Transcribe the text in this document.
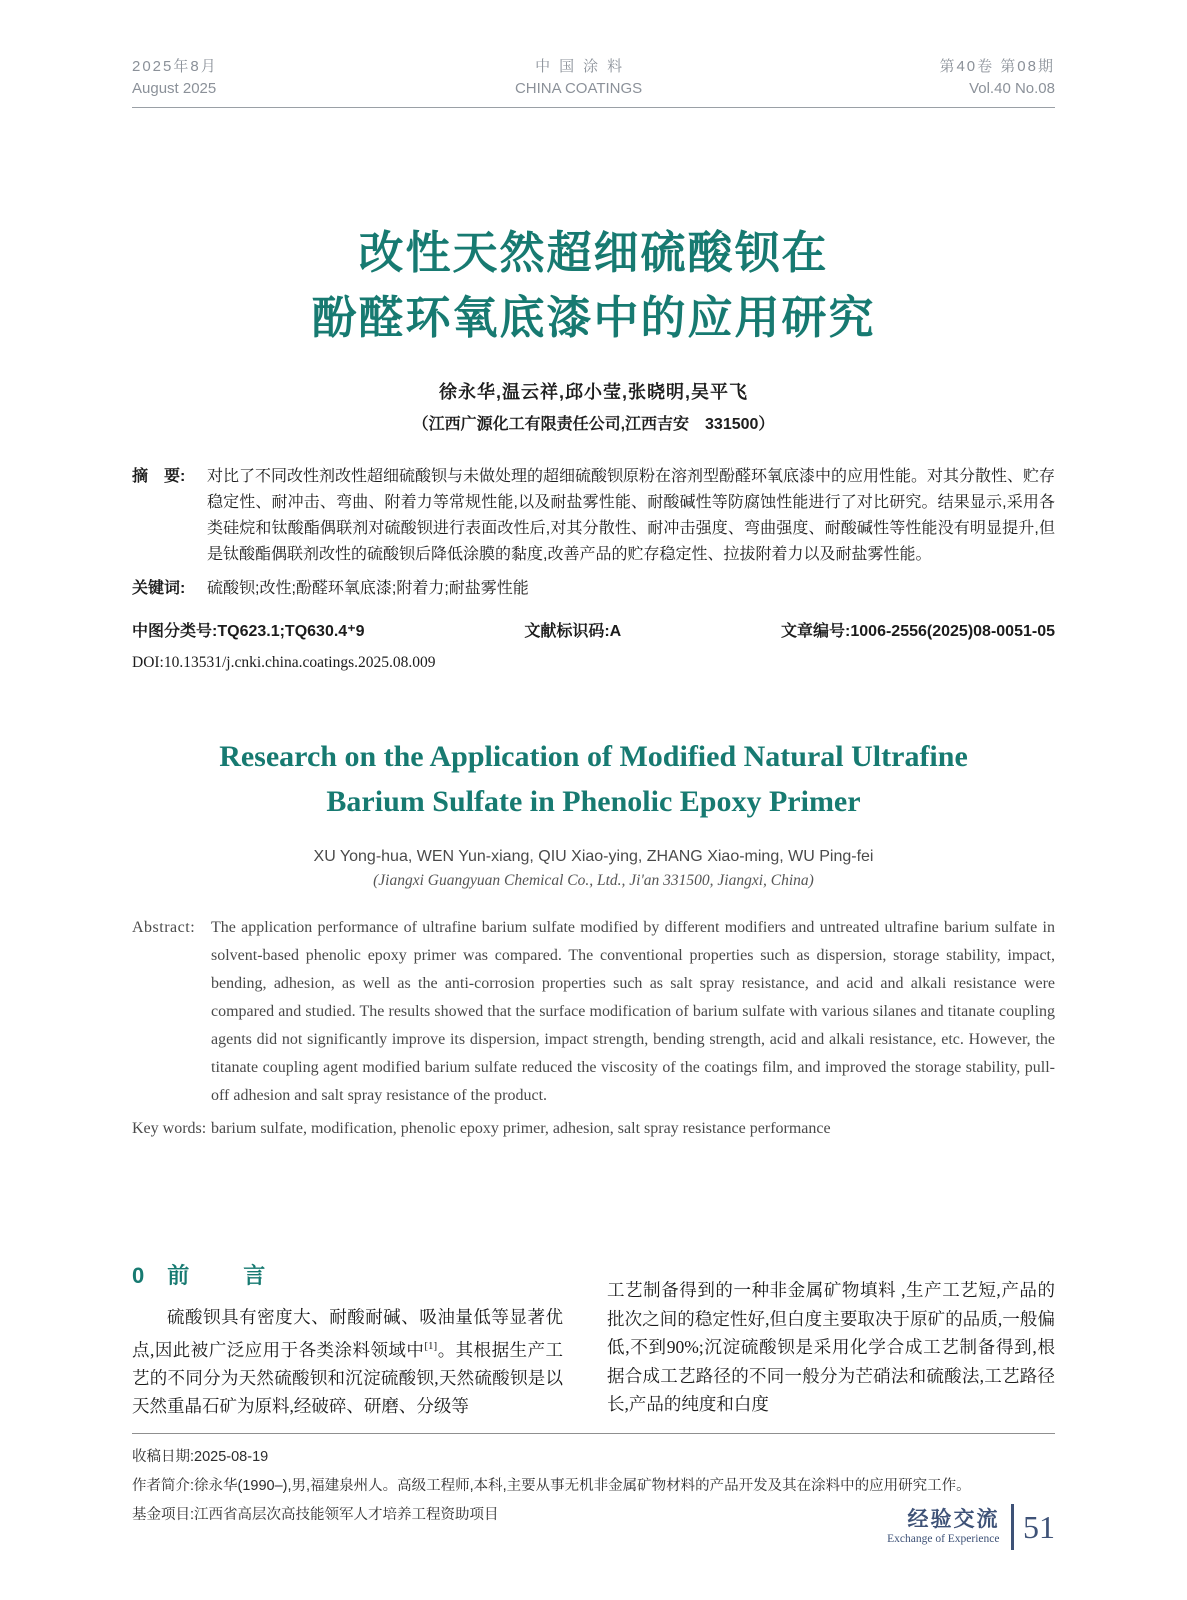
2025年8月
August 2025
中国涂料
CHINA COATINGS
第40卷 第08期
Vol.40 No.08
改性天然超细硫酸钡在
酚醛环氧底漆中的应用研究
徐永华,温云祥,邱小莹,张晓明,吴平飞
（江西广源化工有限责任公司,江西吉安　331500）
摘　要: 对比了不同改性剂改性超细硫酸钡与未做处理的超细硫酸钡原粉在溶剂型酚醛环氧底漆中的应用性能。对其分散性、贮存稳定性、耐冲击、弯曲、附着力等常规性能,以及耐盐雾性能、耐酸碱性等防腐蚀性能进行了对比研究。结果显示,采用各类硅烷和钛酸酯偶联剂对硫酸钡进行表面改性后,对其分散性、耐冲击强度、弯曲强度、耐酸碱性等性能没有明显提升,但是钛酸酯偶联剂改性的硫酸钡后降低涂膜的黏度,改善产品的贮存稳定性、拉拔附着力以及耐盐雾性能。
关键词: 硫酸钡;改性;酚醛环氧底漆;附着力;耐盐雾性能
中图分类号:TQ623.1;TQ630.4⁺9	文献标识码:A	文章编号:1006-2556(2025)08-0051-05
DOI:10.13531/j.cnki.china.coatings.2025.08.009
Research on the Application of Modified Natural Ultrafine
Barium Sulfate in Phenolic Epoxy Primer
XU Yong-hua, WEN Yun-xiang, QIU Xiao-ying, ZHANG Xiao-ming, WU Ping-fei
(Jiangxi Guangyuan Chemical Co., Ltd., Ji'an 331500, Jiangxi, China)
Abstract: The application performance of ultrafine barium sulfate modified by different modifiers and untreated ultrafine barium sulfate in solvent-based phenolic epoxy primer was compared. The conventional properties such as dispersion, storage stability, impact, bending, adhesion, as well as the anti-corrosion properties such as salt spray resistance, and acid and alkali resistance were compared and studied. The results showed that the surface modification of barium sulfate with various silanes and titanate coupling agents did not significantly improve its dispersion, impact strength, bending strength, acid and alkali resistance, etc. However, the titanate coupling agent modified barium sulfate reduced the viscosity of the coatings film, and improved the storage stability, pull-off adhesion and salt spray resistance of the product.
Key words: barium sulfate, modification, phenolic epoxy primer, adhesion, salt spray resistance performance
0 前　言
硫酸钡具有密度大、耐酸耐碱、吸油量低等显著优点,因此被广泛应用于各类涂料领域中[1]。其根据生产工艺的不同分为天然硫酸钡和沉淀硫酸钡,天然硫酸钡是以天然重晶石矿为原料,经破碎、研磨、分级等
工艺制备得到的一种非金属矿物填料 ,生产工艺短,产品的批次之间的稳定性好,但白度主要取决于原矿的品质,一般偏低,不到90%;沉淀硫酸钡是采用化学合成工艺制备得到,根据合成工艺路径的不同一般分为芒硝法和硫酸法,工艺路径长,产品的纯度和白度
收稿日期:2025-08-19
作者简介:徐永华(1990–),男,福建泉州人。高级工程师,本科,主要从事无机非金属矿物材料的产品开发及其在涂料中的应用研究工作。
基金项目:江西省高层次高技能领军人才培养工程资助项目	经验交流
Exchange of Experience 51
